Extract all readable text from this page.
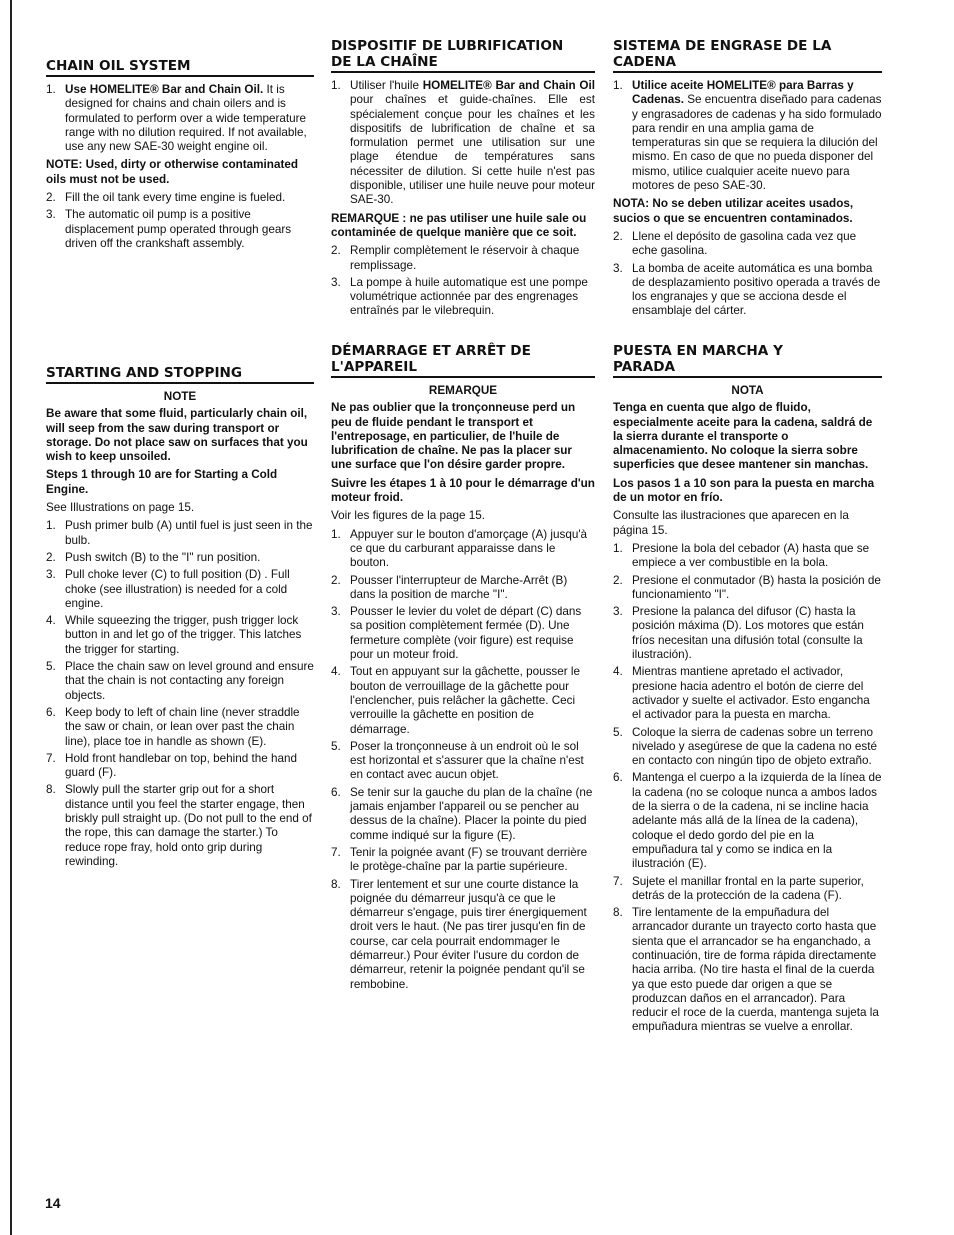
CHAIN OIL SYSTEM
1. Use HOMELITE® Bar and Chain Oil. It is designed for chains and chain oilers and is formulated to perform over a wide temperature range with no dilution required. If not available, use any new SAE-30 weight engine oil.

NOTE: Used, dirty or otherwise contaminated oils must not be used.

2. Fill the oil tank every time engine is fueled.
3. The automatic oil pump is a positive displacement pump operated through gears driven off the crankshaft assembly.
STARTING AND STOPPING

NOTE

Be aware that some fluid, particularly chain oil, will seep from the saw during transport or storage. Do not place saw on surfaces that you wish to keep unsoiled.

Steps 1 through 10 are for Starting a Cold Engine.

See Illustrations on page 15.

1. Push primer bulb (A) until fuel is just seen in the bulb.
2. Push switch (B) to the "I" run position.
3. Pull choke lever (C) to full position (D) . Full choke (see illustration) is needed for a cold engine.
4. While squeezing the trigger, push trigger lock button in and let go of the trigger. This latches the trigger for starting.
5. Place the chain saw on level ground and ensure that the chain is not contacting any foreign objects.
6. Keep body to left of chain line (never straddle the saw or chain, or lean over past the chain line), place toe in handle as shown (E).
7. Hold front handlebar on top, behind the hand guard (F).
8. Slowly pull the starter grip out for a short distance until you feel the starter engage, then briskly pull straight up. (Do not pull to the end of the rope, this can damage the starter.) To reduce rope fray, hold onto grip during rewinding.
DISPOSITIF DE LUBRIFICATION
DE LA CHAÎNE
1. Utiliser l'huile HOMELITE® Bar and Chain Oil pour chaînes et guide-chaînes. Elle est spécialement conçue pour les chaînes et les dispositifs de lubrification de chaîne et sa formulation permet une utilisation sur une plage étendue de températures sans nécessiter de dilution. Si cette huile n'est pas disponible, utiliser une huile neuve pour moteur SAE-30.

REMARQUE : ne pas utiliser une huile sale ou contaminée de quelque manière que ce soit.

2. Remplir complètement le réservoir à chaque remplissage.
3. La pompe à huile automatique est une pompe volumétrique actionnée par des engrenages entraînés par le vilebrequin.
DÉMARRAGE ET ARRÊT DE
L'APPAREIL

REMARQUE

Ne pas oublier que la tronçonneuse perd un peu de fluide pendant le transport et l'entreposage, en particulier, de l'huile de lubrification de chaîne. Ne pas la placer sur une surface que l'on désire garder propre.

Suivre les étapes 1 à 10 pour le démarrage d'un moteur froid.

Voir les figures de la page 15.

1. Appuyer sur le bouton d'amorçage (A) jusqu'à ce que du carburant apparaisse dans le bouton.
2. Pousser l'interrupteur de Marche-Arrêt (B) dans la position de marche "I".
3. Pousser le levier du volet de départ (C) dans sa position complètement fermée (D). Une fermeture complète (voir figure) est requise pour un moteur froid.
4. Tout en appuyant sur la gâchette, pousser le bouton de verrouillage de la gâchette pour l'enclencher, puis relâcher la gâchette. Ceci verrouille la gâchette en position de démarrage.
5. Poser la tronçonneuse à un endroit où le sol est horizontal et s'assurer que la chaîne n'est en contact avec aucun objet.
6. Se tenir sur la gauche du plan de la chaîne (ne jamais enjamber l'appareil ou se pencher au dessus de la chaîne). Placer la pointe du pied comme indiqué sur la figure (E).
7. Tenir la poignée avant (F) se trouvant derrière le protège-chaîne par la partie supérieure.
8. Tirer lentement et sur une courte distance la poignée du démarreur jusqu'à ce que le démarreur s'engage, puis tirer énergiquement droit vers le haut. (Ne pas tirer jusqu'en fin de course, car cela pourrait endommager le démarreur.) Pour éviter l'usure du cordon de démarreur, retenir la poignée pendant qu'il se rembobine.
SISTEMA DE ENGRASE DE LA
CADENA
1. Utilice aceite HOMELITE® para Barras y Cadenas. Se encuentra diseñado para cadenas y engrasadores de cadenas y ha sido formulado para rendir en una amplia gama de temperaturas sin que se requiera la dilución del mismo. En caso de que no pueda disponer del mismo, utilice cualquier aceite nuevo para motores de peso SAE-30.

NOTA: No se deben utilizar aceites usados, sucios o que se encuentren contaminados.

2. Llene el depósito de gasolina cada vez que eche gasolina.
3. La bomba de aceite automática es una bomba de desplazamiento positivo operada a través de los engranajes y que se acciona desde el ensamblaje del cárter.
PUESTA EN MARCHA Y
PARADA

NOTA

Tenga en cuenta que algo de fluido, especialmente aceite para la cadena, saldrá de la sierra durante el transporte o almacenamiento. No coloque la sierra sobre superficies que desee mantener sin manchas.

Los pasos 1 a 10 son para la puesta en marcha de un motor en frío.

Consulte las ilustraciones que aparecen en la página 15.

1. Presione la bola del cebador (A) hasta que se empiece a ver combustible en la bola.
2. Presione el conmutador (B) hasta la posición de funcionamiento "I".
3. Presione la palanca del difusor (C) hasta la posición máxima (D). Los motores que están fríos necesitan una difusión total (consulte la ilustración).
4. Mientras mantiene apretado el activador, presione hacia adentro el botón de cierre del activador y suelte el activador. Esto engancha el activador para la puesta en marcha.
5. Coloque la sierra de cadenas sobre un terreno nivelado y asegúrese de que la cadena no esté en contacto con ningún tipo de objeto extraño.
6. Mantenga el cuerpo a la izquierda de la línea de la cadena (no se coloque nunca a ambos lados de la sierra o de la cadena, ni se incline hacia adelante más allá de la línea de la cadena), coloque el dedo gordo del pie en la empuñadura tal y como se indica en la ilustración (E).
7. Sujete el manillar frontal en la parte superior, detrás de la protección de la cadena (F).
8. Tire lentamente de la empuñadura del arrancador durante un trayecto corto hasta que sienta que el arrancador se ha enganchado, a continuación, tire de forma rápida directamente hacia arriba. (No tire hasta el final de la cuerda ya que esto puede dar origen a que se produzcan daños en el arrancador). Para reducir el roce de la cuerda, mantenga sujeta la empuñadura mientras se vuelve a enrollar.
14
